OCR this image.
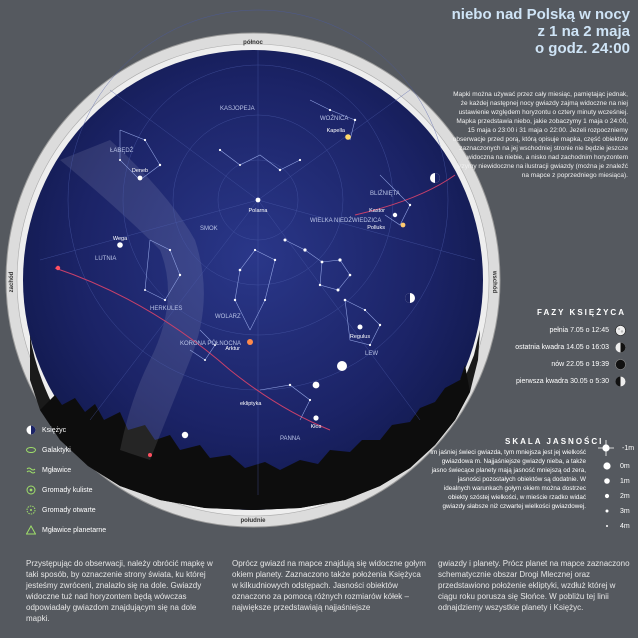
niebo nad Polską w nocy
z 1 na 2 maja
o godz. 24:00
Polarna
Wega
Deneb
Kapella
Kastor
Polluks
Regulus
Arktur
Kłos
ekliptyka
WIELKA NIEDŹWIEDZICA
WOLARZ
LEW
SMOK
HERKULES
PANNA
KASJOPEJA
LUTNIA
ŁABĘDŹ
KORONA PÓŁNOCNA
BLIŹNIĘTA
WOŹNICA
północ
południe
wschód
zachód
Mapki można używać przez cały miesiąc, pamiętając jednak, że każdej następnej nocy gwiazdy zajmą widoczne na niej ustawienie względem horyzontu o cztery minuty wcześniej. Mapka przedstawia niebo, jakie zobaczymy 1 maja o 24:00, 15 maja o 23:00 i 31 maja o 22:00. Jeżeli rozpoczniemy obserwacje przed porą, którą opisuje mapka, część obiektów zaznaczonych na jej wschodniej stronie nie będzie jeszcze widoczna na niebie, a nisko nad zachodnim horyzontem ujrzymy niewidoczne na ilustracji gwiazdy (można je znaleźć na mapce z poprzedniego miesiąca).
FAZY KSIĘŻYCA
pełnia 7.05 o 12:45
ostatnia kwadra 14.05 o 16:03
nów 22.05 o 19:39
pierwsza kwadra 30.05 o 5:30
Księżyc
Galaktyki
Mgławice
Gromady kuliste
Gromady otwarte
Mgławice planetarne
SKALA JASNOŚCI
Im jaśniej świeci gwiazda, tym mniejsza jest jej wielkość gwiazdowa m. Najjaśniejsze gwiazdy nieba, a także jasno świecące planety mają jasność mniejszą od zera, jasności pozostałych obiektów są dodatnie. W idealnych warunkach gołym okiem można dostrzec obiekty szóstej wielkości, w mieście rzadko widać gwiazdy słabsze niż czwartej wielkości gwiazdowej.
-1m
0m
1m
2m
3m
4m
Przystępując do obserwacji, należy obrócić mapkę w taki sposób, by oznaczenie strony świata, ku której jesteśmy zwróceni, znalazło się na dole. Gwiazdy widoczne tuż nad horyzontem będą wówczas odpowiadały gwiazdom znajdującym się na dole mapki.
Oprócz gwiazd na mapce znajdują się widoczne gołym okiem planety. Zaznaczono także położenia Księżyca w kilkudniowych odstępach. Jasności obiektów oznaczono za pomocą różnych rozmiarów kółek – największe przedstawiają najjaśniejsze
gwiazdy i planety. Prócz planet na mapce zaznaczono schematycznie obszar Drogi Mlecznej oraz przedstawiono położenie ekliptyki, wzdłuż której w ciągu roku porusza się Słońce. W pobliżu tej linii odnajdziemy wszystkie planety i Księżyc.
